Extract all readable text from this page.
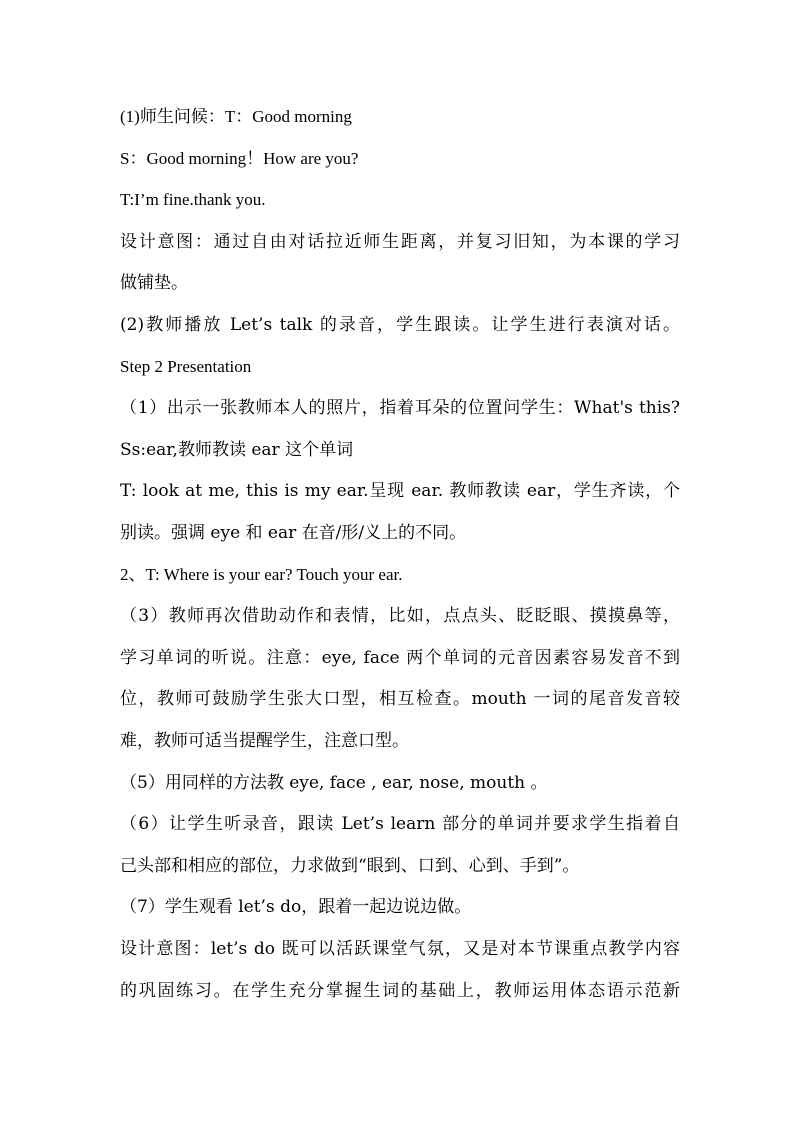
(1)师生问候：T：Good morning
S：Good morning！How are you?
T:I’m fine.thank you.
设计意图：通过自由对话拉近师生距离，并复习旧知，为本课的学习
做铺垫。
(2)教师播放 Let’s talk 的录音，学生跟读。让学生进行表演对话。
Step 2 Presentation
（1）出示一张教师本人的照片，指着耳朵的位置问学生：What's this?
Ss:ear,教师教读 ear 这个单词
T: look at me, this is my ear.呈现 ear. 教师教读 ear，学生齐读，个
别读。强调 eye 和 ear 在音/形/义上的不同。
2、T: Where is your ear? Touch your ear.
（3）教师再次借助动作和表情，比如，点点头、眨眨眼、摸摸鼻等，
学习单词的听说。注意：eye, face 两个单词的元音因素容易发音不到
位，教师可鼓励学生张大口型，相互检查。mouth 一词的尾音发音较
难，教师可适当提醒学生，注意口型。
（5）用同样的方法教 eye, face , ear, nose, mouth 。
（6）让学生听录音，跟读 Let’s learn 部分的单词并要求学生指着自
己头部和相应的部位，力求做到“眼到、口到、心到、手到”。
（7）学生观看 let’s do，跟着一起边说边做。
设计意图：let’s do 既可以活跃课堂气氛，又是对本节课重点教学内容
的巩固练习。在学生充分掌握生词的基础上，教师运用体态语示范新
